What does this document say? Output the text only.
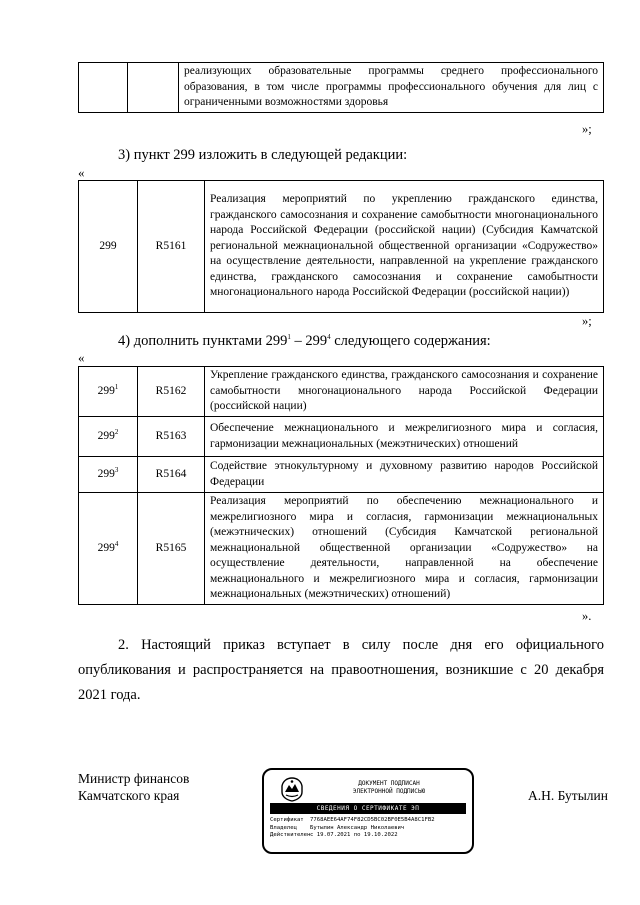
		реализующих образовательные программы среднего профессионального образования, в том числе программы профессионального обучения для лиц с ограниченными возможностями здоровья
»;
3) пункт 299 изложить в следующей редакции:
«
299	R5161	Реализация мероприятий по укреплению гражданского единства, гражданского самосознания и сохранение самобытности многонационального народа Российской Федерации (российской нации) (Субсидия Камчатской региональной межнациональной общественной организации «Содружество» на осуществление деятельности, направленной на укрепление гражданского единства, гражданского самосознания и сохранение самобытности многонационального народа Российской Федерации (российской нации))
»;
4) дополнить пунктами $299^1 - 299^4$ следующего содержания:
«
$299^1$	R5162	Укрепление гражданского единства, гражданского самосознания и сохранение самобытности многонационального народа Российской Федерации (российской нации)
$299^2$	R5163	Обеспечение межнационального и межрелигиозного мира и согласия, гармонизации межнациональных (межэтнических) отношений
$299^3$	R5164	Содействие этнокультурному и духовному развитию народов Российской Федерации
$299^4$	R5165	Реализация мероприятий по обеспечению межнационального и межрелигиозного мира и согласия, гармонизации межнациональных (межэтнических) отношений (Субсидия Камчатской региональной межнациональной общественной организации «Содружество» на осуществление деятельности, направленной на обеспечение межнационального и межрелигиозного мира и согласия, гармонизации межнациональных (межэтнических) отношений)
».
2. Настоящий приказ вступает в силу после дня его официального опубликования и распространяется на правоотношения, возникшие с 20 декабря 2021 года.
Министр финансов
Камчатского края	А.Н. Бутылин
ДОКУМЕНТ ПОДПИСАН
ЭЛЕКТРОННОЙ ПОДПИСЬЮ
СВЕДЕНИЯ О СЕРТИФИКАТЕ ЭП
Сертификат 7768AEE64AF74F82CD5BC02BF0E5B4A8C1FB2
Владелец Бутылин Александр Николаевич
Действителенс 19.07.2021 по 19.10.2022
